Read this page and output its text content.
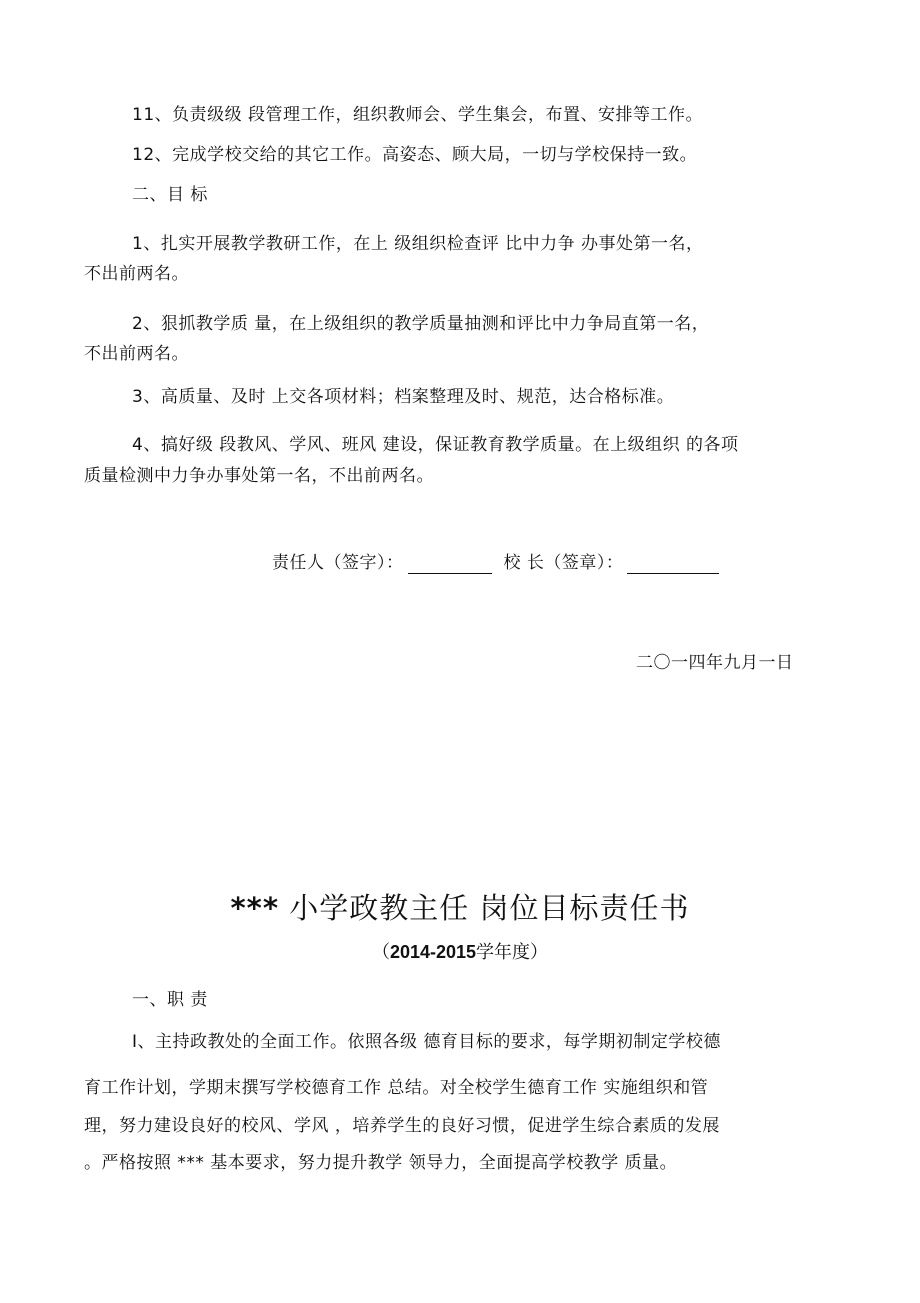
11、负责级级 段管理工作，组织教师会、学生集会，布置、安排等工作。
12、完成学校交给的其它工作。高姿态、顾大局，一切与学校保持一致。
二、目 标
1、扎实开展教学教研工作，在上 级组织检查评 比中力争 办事处第一名，
不出前两名。
2、狠抓教学质 量，在上级组织的教学质量抽测和评比中力争局直第一名，
不出前两名。
3、高质量、及时 上交各项材料；档案整理及时、规范，达合格标准。
4、搞好级 段教风、学风、班风 建设，保证教育教学质量。在上级组织 的各项
质量检测中力争办事处第一名，不出前两名。
责任人（签字）：	校 长（签章）：
二〇一四年九月一日
*** 小学政教主任 岗位目标责任书
（2014-2015学年度）
一、职 责
I、主持政教处的全面工作。依照各级 德育目标的要求，每学期初制定学校德
育工作计划，学期末撰写学校德育工作 总结。对全校学生德育工作 实施组织和管
理，努力建设良好的校风、学风 ，培养学生的良好习惯，促进学生综合素质的发展
。严格按照 *** 基本要求，努力提升教学 领导力，全面提高学校教学 质量。
